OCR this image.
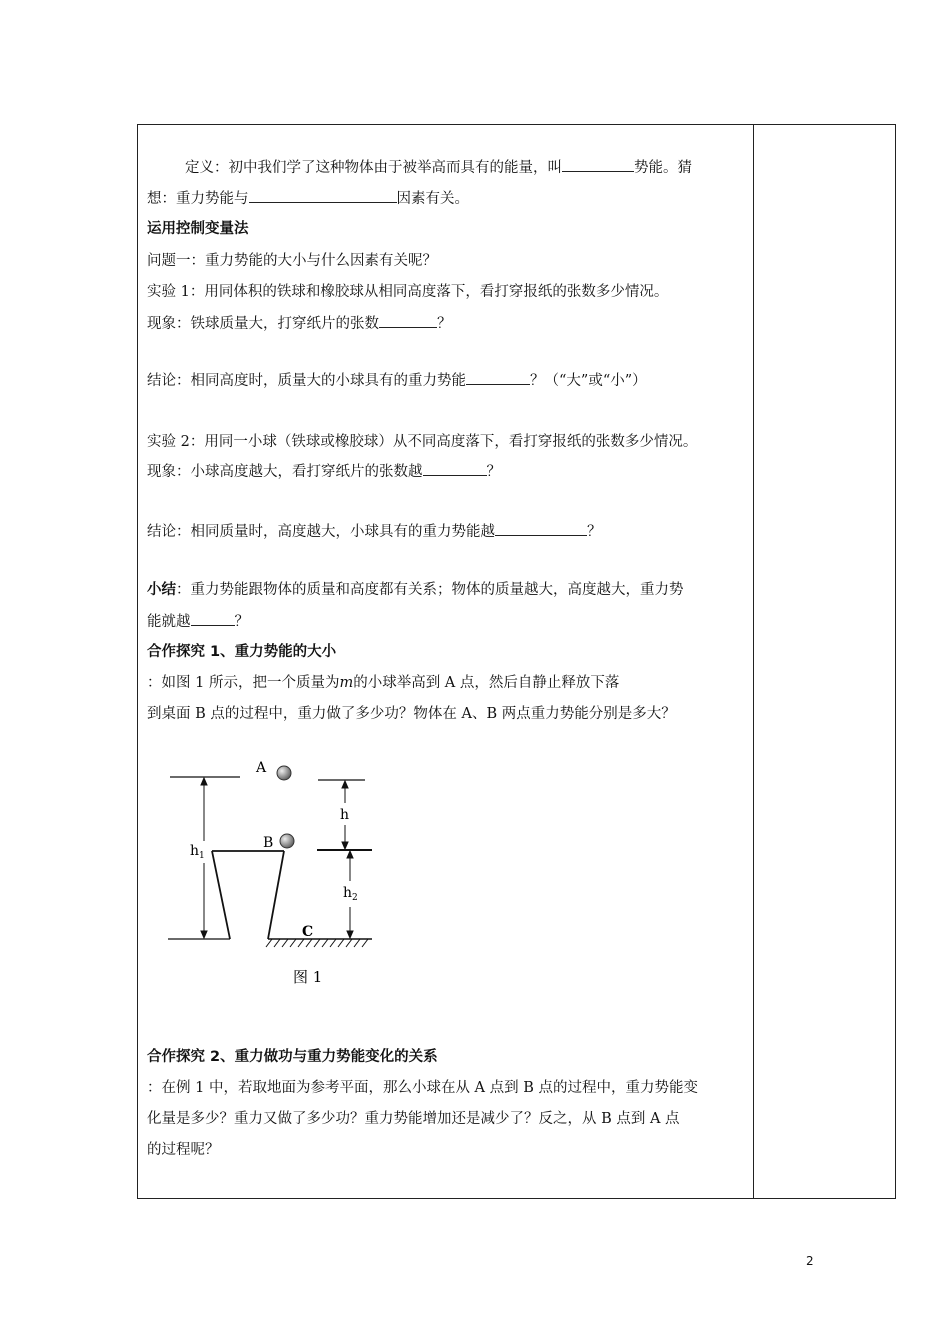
定义：初中我们学了这种物体由于被举高而具有的能量，叫	势能。猜
想：重力势能与	因素有关。
运用控制变量法
问题一：重力势能的大小与什么因素有关呢？
实验 1：用同体积的铁球和橡胶球从相同高度落下，看打穿报纸的张数多少情况。
现象：铁球质量大，打穿纸片的张数	？
结论：相同高度时，质量大的小球具有的重力势能	？（“大”或“小”）
实验 2：用同一小球（铁球或橡胶球）从不同高度落下，看打穿报纸的张数多少情况。
现象：小球高度越大，看打穿纸片的张数越	？
结论：相同质量时，高度越大，小球具有的重力势能越	？
小结：重力势能跟物体的质量和高度都有关系；物体的质量越大，高度越大，重力势
能就越	？
合作探究 1、重力势能的大小
：如图 1 所示，把一个质量为m的小球举高到 A 点，然后自静止释放下落
到桌面 B 点的过程中，重力做了多少功？物体在 A、B 两点重力势能分别是多大？
A
B
C
h
$h_1$
$h_2$
图 1
合作探究 2、重力做功与重力势能变化的关系
：在例 1 中，若取地面为参考平面，那么小球在从 A 点到 B 点的过程中，重力势能变
化量是多少？重力又做了多少功？重力势能增加还是减少了？反之，从 B 点到 A 点
的过程呢？
2
